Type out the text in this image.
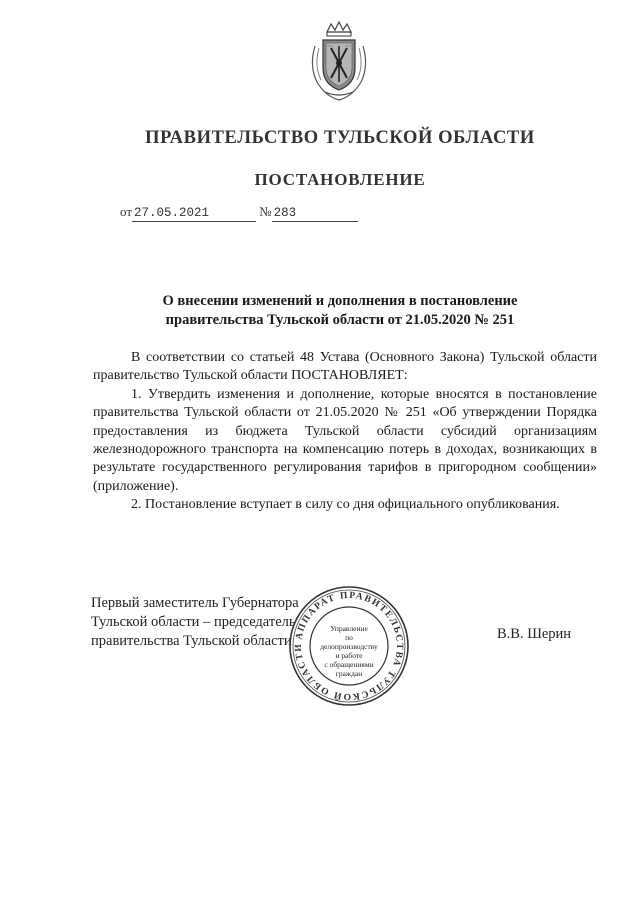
ПРАВИТЕЛЬСТВО ТУЛЬСКОЙ ОБЛАСТИ
ПОСТАНОВЛЕНИЕ
от 27.05.2021	№ 283
О внесении изменений и дополнения в постановление
правительства Тульской области от 21.05.2020 № 251

В соответствии со статьей 48 Устава (Основного Закона) Тульской области правительство Тульской области ПОСТАНОВЛЯЕТ:

1. Утвердить изменения и дополнение, которые вносятся в постановление правительства Тульской области от 21.05.2020 № 251 «Об утверждении Порядка предоставления из бюджета Тульской области субсидий организациям железнодорожного транспорта на компенсацию потерь в доходах, возникающих в результате государственного регулирования тарифов в пригородном сообщении» (приложение).

2. Постановление вступает в силу со дня официального опубликования.

Первый заместитель Губернатора
Тульской области – председатель
правительства Тульской области	В.В. Шерин
АППАРАТ ПРАВИТЕЛЬСТВА ТУЛЬСКОЙ ОБЛАСТИ
Управление
по делопроизводству
и работе
с обращениями
граждан
